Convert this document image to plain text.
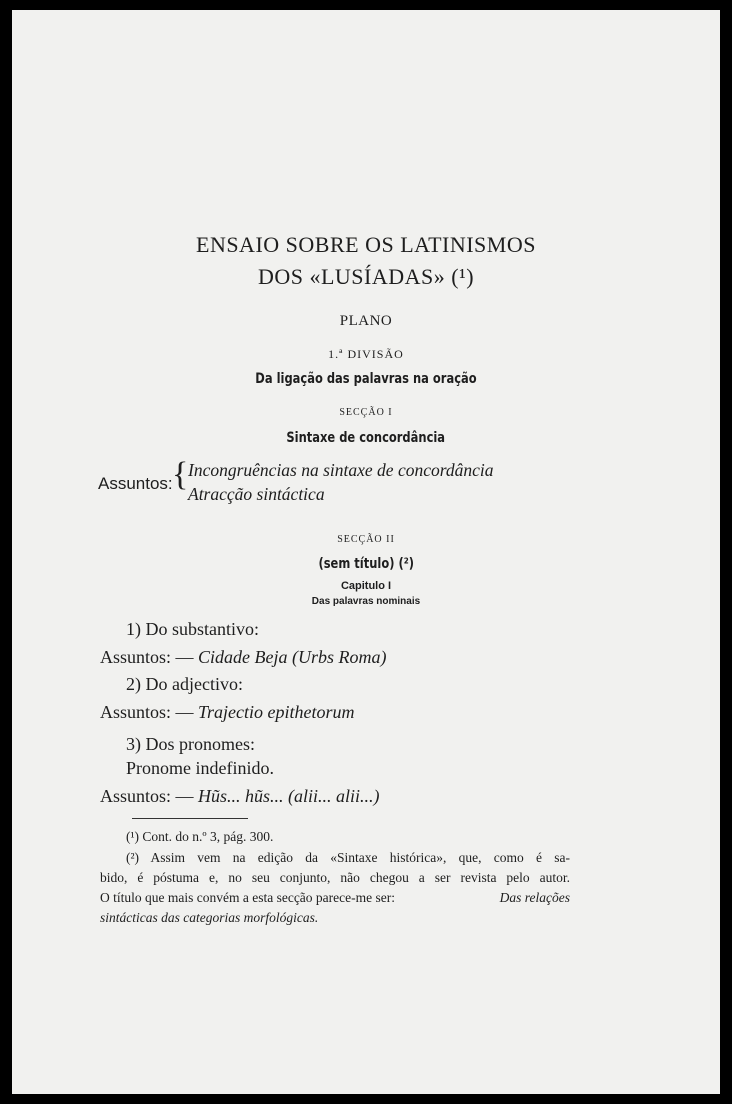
ENSAIO SOBRE OS LATINISMOS
DOS «LUSÍADAS» (¹)
PLANO
1.ª DIVISÃO
Da ligação das palavras na oração
SECÇÃO I
Sintaxe de concordância
Assuntos: { Incongruências na sintaxe de concordância
Atracção sintáctica
SECÇÃO II
(sem título) (²)
Capitulo I
Das palavras nominais
1) Do substantivo:
Assuntos: — Cidade Beja (Urbs Roma)
2) Do adjectivo:
Assuntos: — Trajectio epithetorum
3) Dos pronomes:
Pronome indefinido.
Assuntos: — Hũs... hũs... (alii... alii...)
(¹) Cont. do n.º 3, pág. 300.
(²) Assim vem na edição da «Sintaxe histórica», que, como é sa-
bido, é póstuma e, no seu conjunto, não chegou a ser revista pelo autor.
O título que mais convém a esta secção parece-me ser:	Das relações
sintácticas das categorias morfológicas.
